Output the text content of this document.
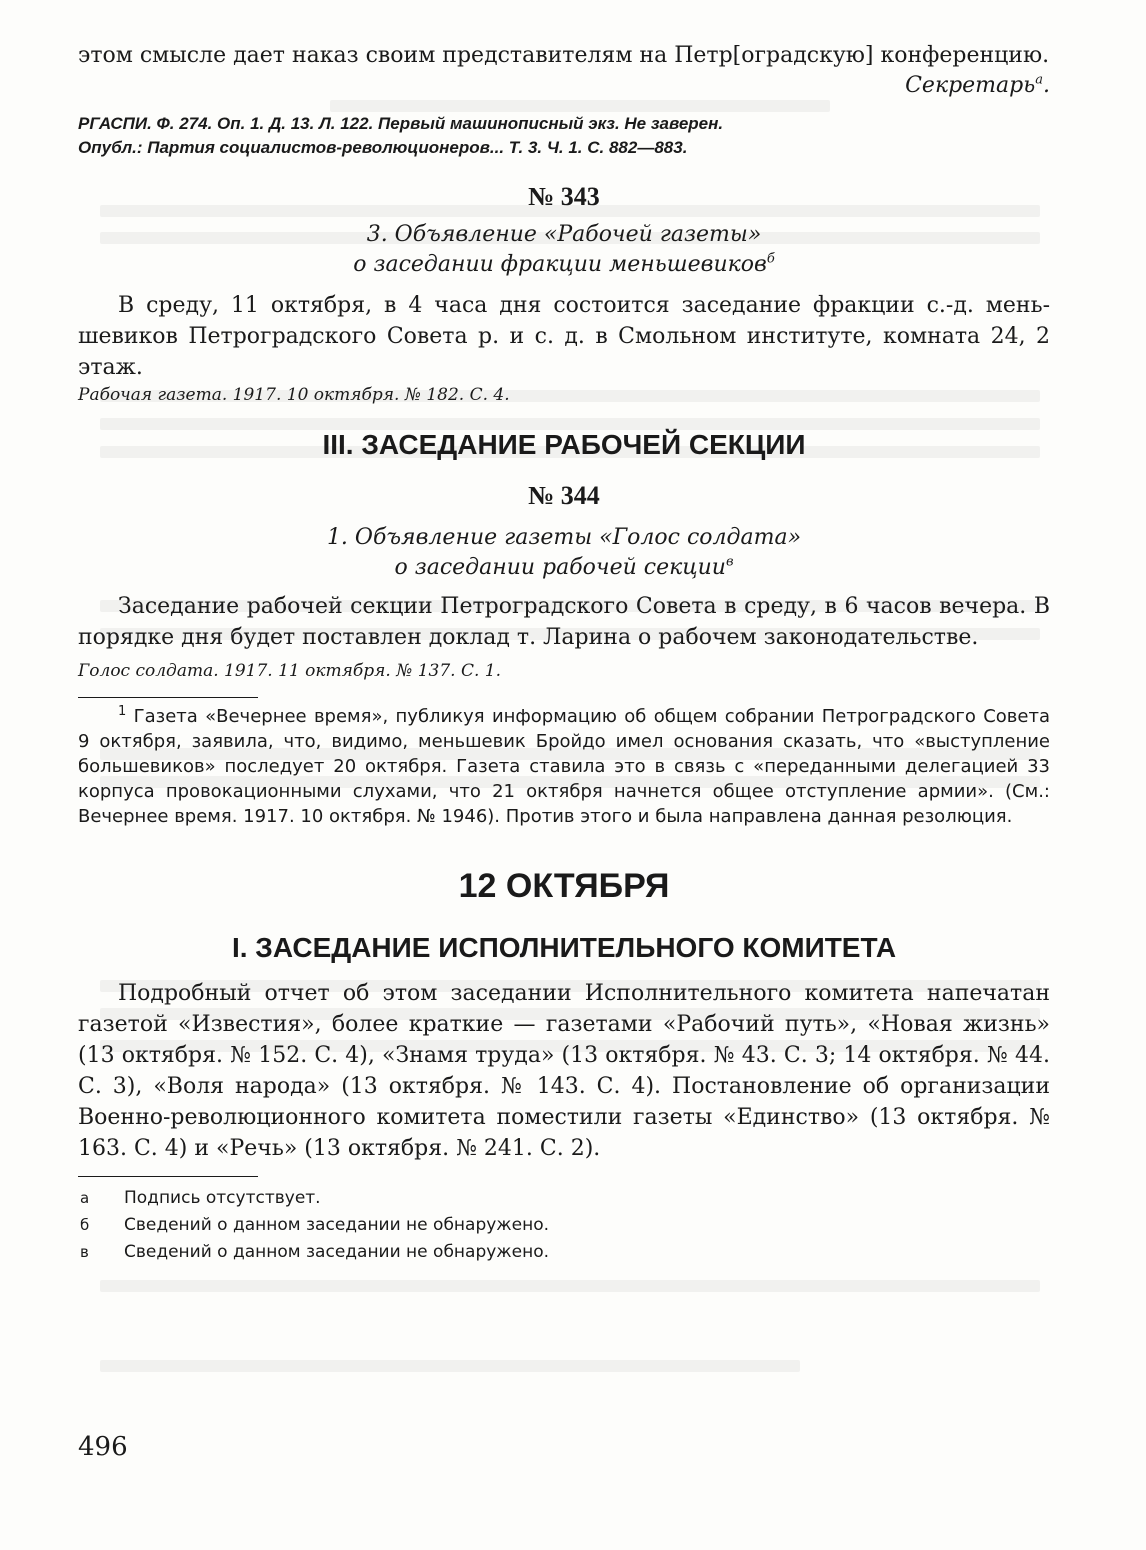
этом смысле дает наказ своим представителям на Петр[оградскую] конференцию.

Секретарь$^а$.

РГАСПИ. Ф. 274. Оп. 1. Д. 13. Л. 122. Первый машинописный экз. Не заверен.

Опубл.: Партия социалистов-революционеров... Т. 3. Ч. 1. С. 882—883.

№ 343

3. Объявление «Рабочей газеты»

о заседании фракции меньшевиков$^б$

В среду, 11 октября, в 4 часа дня состоится заседание фракции с.-д. меньшевиков Петроградского Совета р. и с. д. в Смольном институте, комната 24, 2 этаж.

Рабочая газета. 1917. 10 октября. № 182. С. 4.

III. ЗАСЕДАНИЕ РАБОЧЕЙ СЕКЦИИ

№ 344

1. Объявление газеты «Голос солдата»

о заседании рабочей секции$^в$

Заседание рабочей секции Петроградского Совета в среду, в 6 часов вечера. В порядке дня будет поставлен доклад т. Ларина о рабочем законодательстве.

Голос солдата. 1917. 11 октября. № 137. С. 1.

$^1$ Газета «Вечернее время», публикуя информацию об общем собрании Петроградского Совета 9 октября, заявила, что, видимо, меньшевик Бройдо имел основания сказать, что «выступление большевиков» последует 20 октября. Газета ставила это в связь с «переданными делегацией 33 корпуса провокационными слухами, что 21 октября начнется общее отступление армии». (См.: Вечернее время. 1917. 10 октября. № 1946). Против этого и была направлена данная резолюция.

12 ОКТЯБРЯ

I. ЗАСЕДАНИЕ ИСПОЛНИТЕЛЬНОГО КОМИТЕТА

Подробный отчет об этом заседании Исполнительного комитета напечатан газетой «Известия», более краткие — газетами «Рабочий путь», «Новая жизнь» (13 октября. № 152. С. 4), «Знамя труда» (13 октября. № 43. С. 3; 14 октября. № 44. С. 3), «Воля народа» (13 октября. № 143. С. 4). Постановление об организации Военно-революционного комитета поместили газеты «Единство» (13 октября. № 163. С. 4) и «Речь» (13 октября. № 241. С. 2).

а	Подпись отсутствует.
б	Сведений о данном заседании не обнаружено.
в	Сведений о данном заседании не обнаружено.
496
